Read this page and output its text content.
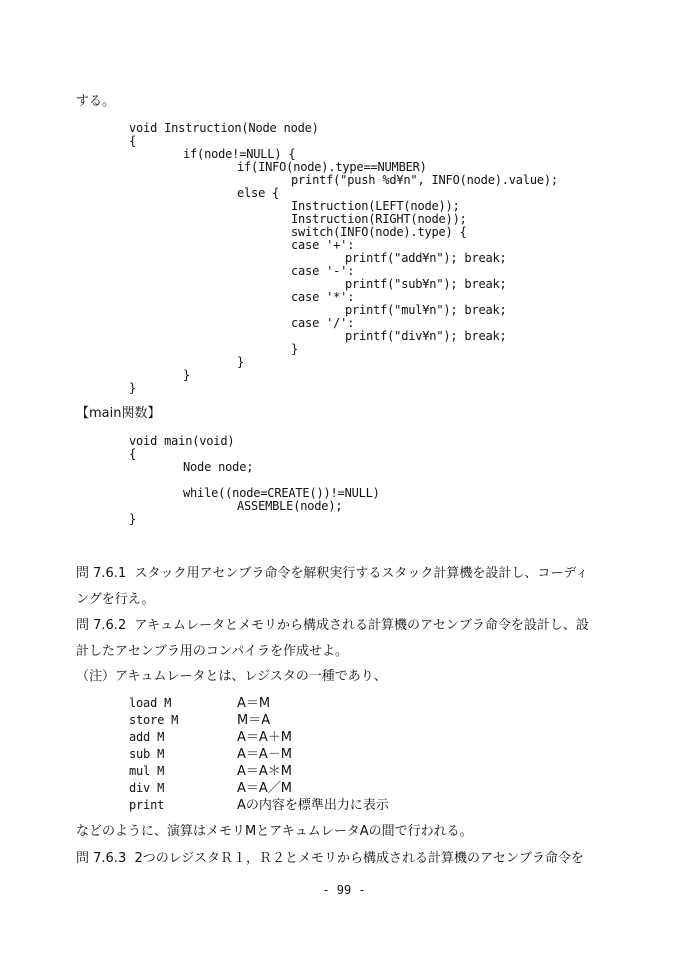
する。
void Instruction(Node node)
{
if(node!=NULL) {
if(INFO(node).type==NUMBER)
printf("push %d¥n", INFO(node).value);
else {
Instruction(LEFT(node));
Instruction(RIGHT(node));
switch(INFO(node).type) {
case '+':
printf("add¥n"); break;
case '-':
printf("sub¥n"); break;
case '*':
printf("mul¥n"); break;
case '/':
printf("div¥n"); break;
}
}
}
}
【main関数】
void main(void)
{
Node node;
while((node=CREATE())!=NULL)
ASSEMBLE(node);
}
問 7.6.1  スタック用アセンブラ命令を解釈実行するスタック計算機を設計し、コーディ
ングを行え。
問 7.6.2  アキュムレータとメモリから構成される計算機のアセンブラ命令を設計し、設
計したアセンブラ用のコンパイラを作成せよ。
（注）アキュムレータとは、レジスタの一種であり、
load M	A＝M
store M	M＝A
add M	A＝A＋M
sub M	A＝A－M
mul M	A＝A＊M
div M	A＝A／M
print	Aの内容を標準出力に表示
などのように、演算はメモリMとアキュムレータAの間で行われる。
問 7.6.3  2つのレジスタＲ１，Ｒ２とメモリから構成される計算機のアセンブラ命令を
- 99 -
